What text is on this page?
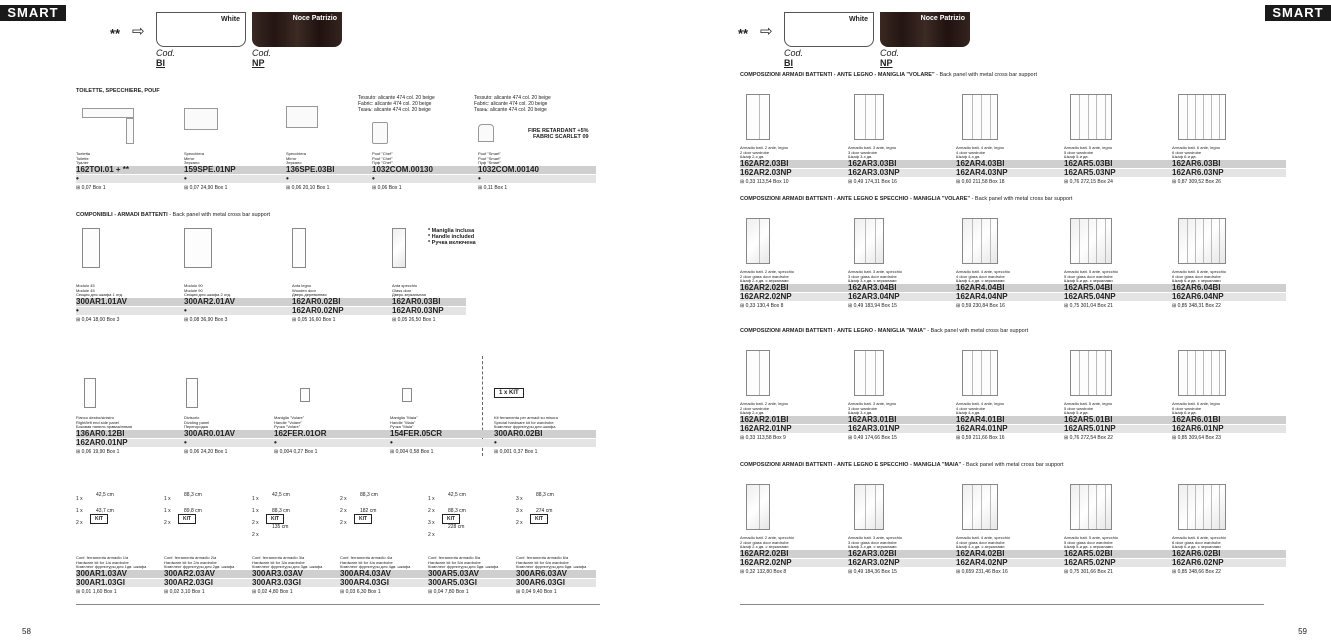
SMART
** ⇨
White	Noce Patrizio
Cod. BI
Cod. NP
TOILETTE, SPECCHIERE, POUF
Tessuto: alicante 474 col. 20 beige
Fabric: alicante 474 col. 20 beige
Ткань: alicante 474 col. 20 beige
Tessuto: alicante 474 col. 20 beige
Fabric: alicante 474 col. 20 beige
Ткань: alicante 474 col. 20 beige
FIRE RETARDANT +5%
FABRIC SCARLET 09
COMPONIBILI - ARMADI BATTENTI - Back panel with metal cross bar support
* Maniglia inclusa
* Handle included
* Ручка включена
1 x KIT
58
Toeletta
Toilette
Туалет
162TOI.01 + **
•
⊞ 0,07 Box 1
Specchiera
Mirror
Зеркало
159SPE.01NP
•
⊞ 0,07 24,90 Box 1
Specchiera
Mirror
Зеркало
136SPE.03BI
•
⊞ 0,06 20,10 Box 1
Pouf "Chef"
Pouf "Chef"
Пуф "Chef"
1032COM.00130
•
⊞ 0,06 Box 1
Pouf "Smart"
Pouf "Smart"
Пуф "Smart"
1032COM.00140
•
⊞ 0,11 Box 1
Modulo 45
Module 45
Секция для шкафа 1 отд.
300AR1.01AV
•
⊞ 0,04 18,00 Box 3
Modulo 90
Module 90
Секция для шкафа 2 отд.
300AR2.01AV
•
⊞ 0,08 36,90 Box 3
Anta legno
Wooden door
Дверь деревянная
162AR0.02BI
162AR0.02NP
⊞ 0,05 16,60 Box 1
Anta specchio
Glass door
Дверь зеркальная
162AR0.03BI
162AR0.03NP
⊞ 0,05 26,50 Box 1
Fianco destro/sinistro
Right/left end side panel
Боковая панель правая/левая
136AR0.12BI
162AR0.01NP
⊞ 0,06 19,90 Box 1
Divisorio
Dividing panel
Перегородка
300AR0.01AV
•
⊞ 0,06 24,20 Box 1
Maniglia "Volare"
Handle "Volare"
Ручка "Volare"
162FER.01OR
•
⊞ 0,004 0,27 Box 1
Maniglia "Maia"
Handle "Maia"
Ручка "Maia"
154FER.05CR
•
⊞ 0,004 0,58 Box 1
Kit ferramenta per armadi su misura
Special hardware kit for wardrobe
Комплект фурнитуры для шкафа
300AR0.02BI
•
⊞ 0,001 0,37 Box 1
1 x
1 x
2 x
42,5 cm
43,7 cm
KIT
1 x
1 x
2 x
88,3 cm
89,8 cm
KIT
1 x
1 x
2 x
2 x
42,5 cm
88,3 cm
135 cm
KIT
2 x
2 x
2 x
88,3 cm
182 cm
KIT
1 x
2 x
3 x
2 x
42,5 cm
88,3 cm
228 cm
KIT
3 x
3 x
2 x
88,3 cm
274 cm
KIT
Conf. ferramenta armadio 1/a
Hardware kit for 1/a wardrobe
Комплект фурнитуры для 1дв. шкафа
300AR1.03AV
300AR1.03GI
⊞ 0,01 1,60 Box 1
Conf. ferramenta armadio 2/a
Hardware kit for 2/a wardrobe
Комплект фурнитуры для 2дв. шкафа
300AR2.03AV
300AR2.03GI
⊞ 0,02 3,10 Box 1
Conf. ferramenta armadio 3/a
Hardware kit for 3/a wardrobe
Комплект фурнитуры для 3дв. шкафа
300AR3.03AV
300AR3.03GI
⊞ 0,02 4,80 Box 1
Conf. ferramenta armadio 4/a
Hardware kit for 4/a wardrobe
Комплект фурнитуры для 4дв. шкафа
300AR4.03AV
300AR4.03GI
⊞ 0,03 6,30 Box 1
Conf. ferramenta armadio 5/a
Hardware kit for 5/a wardrobe
Комплект фурнитуры для 5дв. шкафа
300AR5.03AV
300AR5.03GI
⊞ 0,04 7,80 Box 1
Conf. ferramenta armadio 6/a
Hardware kit for 6/a wardrobe
Комплект фурнитуры для 6дв. шкафа
300AR6.03AV
300AR6.03GI
⊞ 0,04 9,40 Box 1
SMART
** ⇨
White	Noce Patrizio
Cod. BI
Cod. NP
COMPOSIZIONI ARMADI BATTENTI - ANTE LEGNO - MANIGLIA "VOLARE" - Back panel with metal cross bar support
Armadio batt. 2 ante, legno
2 door wardrobe
Шкаф 2-х дв.
162AR2.03BI
162AR2.03NP
⊞ 0,33 113,54 Box 10
Armadio batt. 3 ante, legno
3 door wardrobe
Шкаф 3-х дв.
162AR3.03BI
162AR3.03NP
⊞ 0,49 174,31 Box 16
Armadio batt. 4 ante, legno
4 door wardrobe
Шкаф 4-х дв.
162AR4.03BI
162AR4.03NP
⊞ 0,60 211,58 Box 18
Armadio batt. 5 ante, legno
5 door wardrobe
Шкаф 5-и дв.
162AR5.03BI
162AR5.03NP
⊞ 0,76 272,15 Box 24
Armadio batt. 6 ante, legno
6 door wardrobe
Шкаф 6-и дв.
162AR6.03BI
162AR6.03NP
⊞ 0,87 309,52 Box 26
COMPOSIZIONI ARMADI BATTENTI - ANTE LEGNO E SPECCHIO - MANIGLIA "VOLARE" - Back panel with metal cross bar support
Armadio batt. 2 ante, specchio
2 door glass door wardrobe
Шкаф 2-х дв. с зеркалами
162AR2.02BI
162AR2.02NP
⊞ 0,33 130,4 Box 8
Armadio batt. 3 ante, specchio
3 door glass door wardrobe
Шкаф 3-х дв. с зеркалами
162AR3.04BI
162AR3.04NP
⊞ 0,49 183,94 Box 15
Armadio batt. 4 ante, specchio
4 door glass door wardrobe
Шкаф 4-х дв. с зеркалами
162AR4.04BI
162AR4.04NP
⊞ 0,59 230,84 Box 16
Armadio batt. 5 ante, specchio
5 door glass door wardrobe
Шкаф 5-и дв. с зеркалами
162AR5.04BI
162AR5.04NP
⊞ 0,75 301,04 Box 21
Armadio batt. 6 ante, specchio
6 door glass door wardrobe
Шкаф 6-и дв. с зеркалами
162AR6.04BI
162AR6.04NP
⊞ 0,85 348,31 Box 22
COMPOSIZIONI ARMADI BATTENTI - ANTE LEGNO - MANIGLIA "MAIA" - Back panel with metal cross bar support
Armadio batt. 2 ante, legno
2 door wardrobe
Шкаф 2-х дв.
162AR2.01BI
162AR2.01NP
⊞ 0,33 113,58 Box 9
Armadio batt. 3 ante, legno
3 door wardrobe
Шкаф 3-х дв.
162AR3.01BI
162AR3.01NP
⊞ 0,49 174,66 Box 15
Armadio batt. 4 ante, legno
4 door wardrobe
Шкаф 4-х дв.
162AR4.01BI
162AR4.01NP
⊞ 0,59 211,66 Box 16
Armadio batt. 5 ante, legno
5 door wardrobe
Шкаф 5-и дв.
162AR5.01BI
162AR5.01NP
⊞ 0,76 272,54 Box 22
Armadio batt. 6 ante, legno
6 door wardrobe
Шкаф 6-и дв.
162AR6.01BI
162AR6.01NP
⊞ 0,85 309,64 Box 23
COMPOSIZIONI ARMADI BATTENTI - ANTE LEGNO E SPECCHIO - MANIGLIA "MAIA" - Back panel with metal cross bar support
Armadio batt. 2 ante, specchio
2 door glass door wardrobe
Шкаф 2-х дв. с зеркалами
162AR2.02BI
162AR2.02NP
⊞ 0,32 132,80 Box 8
Armadio batt. 3 ante, specchio
3 door glass door wardrobe
Шкаф 3-х дв. с зеркалами
162AR3.02BI
162AR3.02NP
⊞ 0,49 184,36 Box 15
Armadio batt. 4 ante, specchio
4 door glass door wardrobe
Шкаф 4-х дв. с зеркалами
162AR4.02BI
162AR4.02NP
⊞ 0,659 231,46 Box 16
Armadio batt. 5 ante, specchio
5 door glass door wardrobe
Шкаф 5-и дв. с зеркалами
162AR5.02BI
162AR5.02NP
⊞ 0,75 301,66 Box 21
Armadio batt. 6 ante, specchio
6 door glass door wardrobe
Шкаф 6-и дв. с зеркалами
162AR6.02BI
162AR6.02NP
⊞ 0,85 348,66 Box 22
59
